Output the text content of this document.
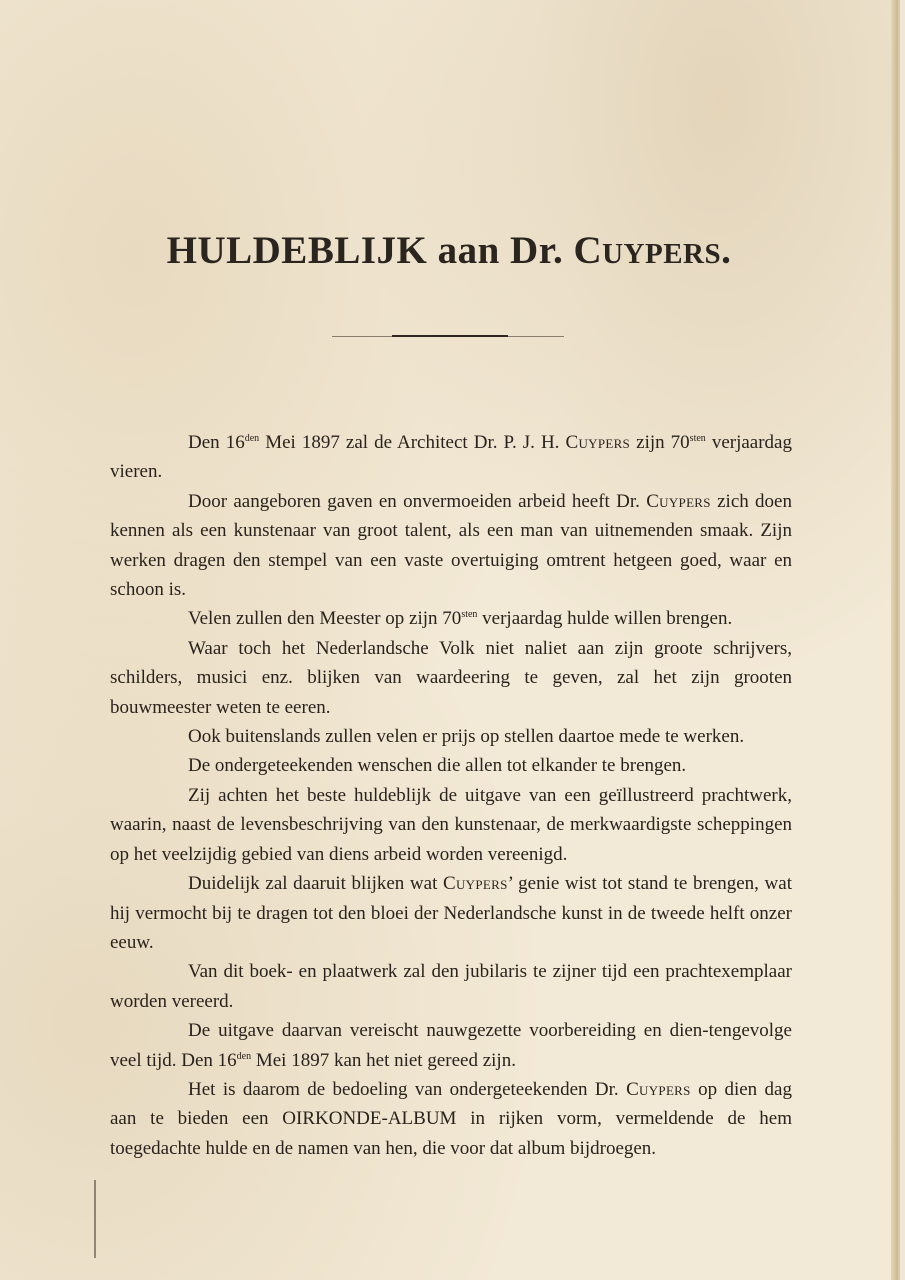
HULDEBLIJK aan Dr. CUYPERS.

Den $16^{den}$ Mei 1897 zal de Architect Dr. P. J. H. Cuypers zijn $70^{sten}$ verjaardag vieren.

Door aangeboren gaven en onvermoeiden arbeid heeft Dr. Cuypers zich doen kennen als een kunstenaar van groot talent, als een man van uitnemenden smaak. Zijn werken dragen den stempel van een vaste overtuiging omtrent hetgeen goed, waar en schoon is.

Velen zullen den Meester op zijn $70^{sten}$ verjaardag hulde willen brengen.

Waar toch het Nederlandsche Volk niet naliet aan zijn groote schrijvers, schilders, musici enz. blijken van waardeering te geven, zal het zijn grooten bouwmeester weten te eeren.

Ook buitenslands zullen velen er prijs op stellen daartoe mede te werken.

De ondergeteekenden wenschen die allen tot elkander te brengen.

Zij achten het beste huldeblijk de uitgave van een geïllustreerd prachtwerk, waarin, naast de levensbeschrijving van den kunstenaar, de merkwaardigste scheppingen op het veelzijdig gebied van diens arbeid worden vereenigd.

Duidelijk zal daaruit blijken wat Cuypers’ genie wist tot stand te brengen, wat hij vermocht bij te dragen tot den bloei der Nederlandsche kunst in de tweede helft onzer eeuw.

Van dit boek- en plaatwerk zal den jubilaris te zijner tijd een prachtexemplaar worden vereerd.

De uitgave daarvan vereischt nauwgezette voorbereiding en dien-tengevolge veel tijd. Den $16^{den}$ Mei 1897 kan het niet gereed zijn.

Het is daarom de bedoeling van ondergeteekenden Dr. Cuypers op dien dag aan te bieden een OIRKONDE-ALBUM in rijken vorm, vermeldende de hem toegedachte hulde en de namen van hen, die voor dat album bijdroegen.
